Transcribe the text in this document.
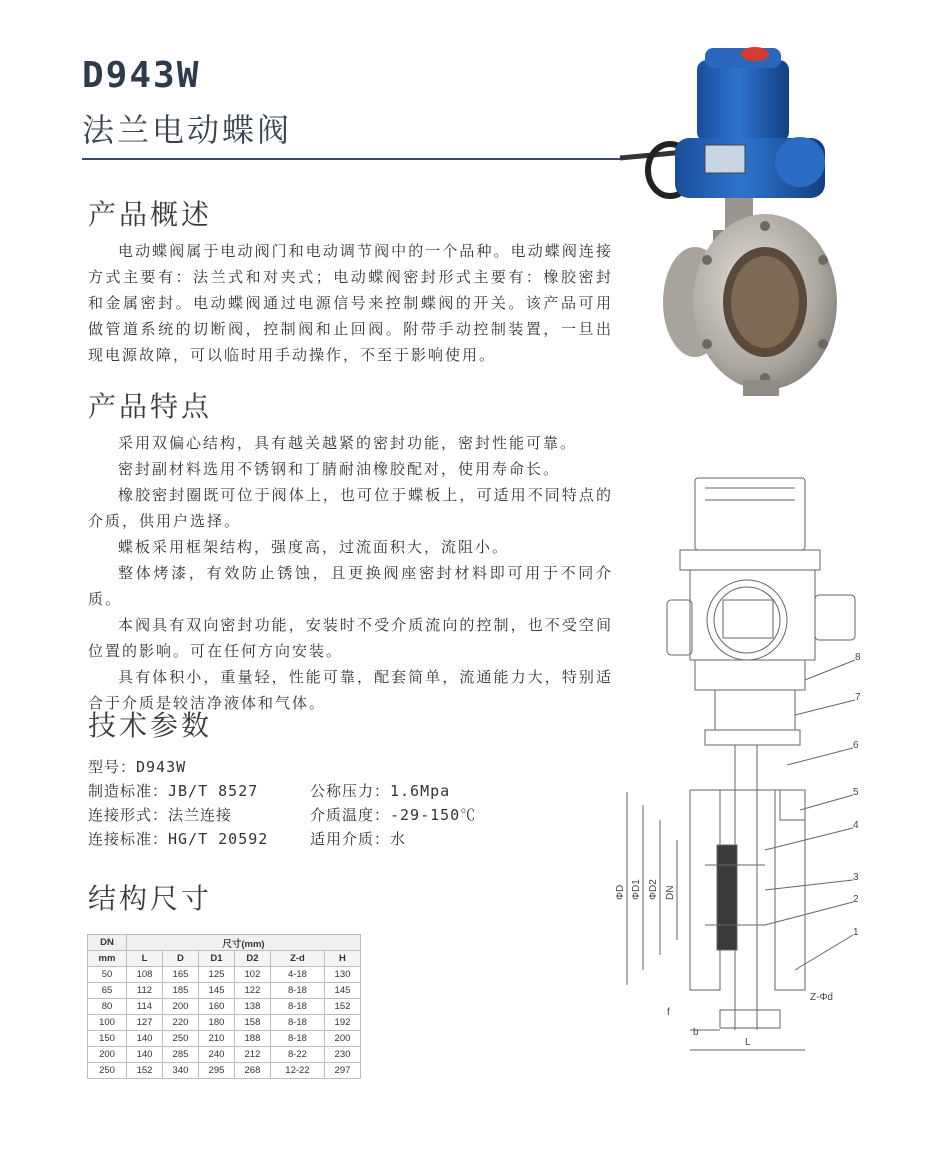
D943W
法兰电动蝶阀
产品概述

电动蝶阀属于电动阀门和电动调节阀中的一个品种。电动蝶阀连接方式主要有：法兰式和对夹式；电动蝶阀密封形式主要有：橡胶密封和金属密封。电动蝶阀通过电源信号来控制蝶阀的开关。该产品可用做管道系统的切断阀，控制阀和止回阀。附带手动控制装置，一旦出现电源故障，可以临时用手动操作，不至于影响使用。

产品特点

采用双偏心结构，具有越关越紧的密封功能，密封性能可靠。

密封副材料选用不锈钢和丁腈耐油橡胶配对，使用寿命长。

橡胶密封圈既可位于阀体上，也可位于蝶板上，可适用不同特点的介质，供用户选择。

蝶板采用框架结构，强度高，过流面积大，流阻小。

整体烤漆，有效防止锈蚀，且更换阀座密封材料即可用于不同介质。

本阀具有双向密封功能，安装时不受介质流向的控制，也不受空间位置的影响。可在任何方向安装。

具有体积小，重量轻，性能可靠，配套简单，流通能力大，特别适合于介质是较洁净液体和气体。

技术参数
型号：D943W
制造标准：JB/T 8527	公称压力：1.6Mpa
连接形式：法兰连接	介质温度：-29-150℃
连接标准：HG/T 20592	适用介质：水
结构尺寸
DN	尺寸(mm)					
mm	L	D	D1	D2	Z-d	H
50	108	165	125	102	4-18	130
65	112	185	145	122	8-18	145
80	114	200	160	138	8-18	152
100	127	220	180	158	8-18	192
150	140	250	210	188	8-18	200
200	140	285	240	212	8-22	230
250	152	340	295	268	12-22	297
8
7
6
5
4
3
2
1
ΦD ΦD1 ΦD2 DN
f
b
L
Z-Φd
